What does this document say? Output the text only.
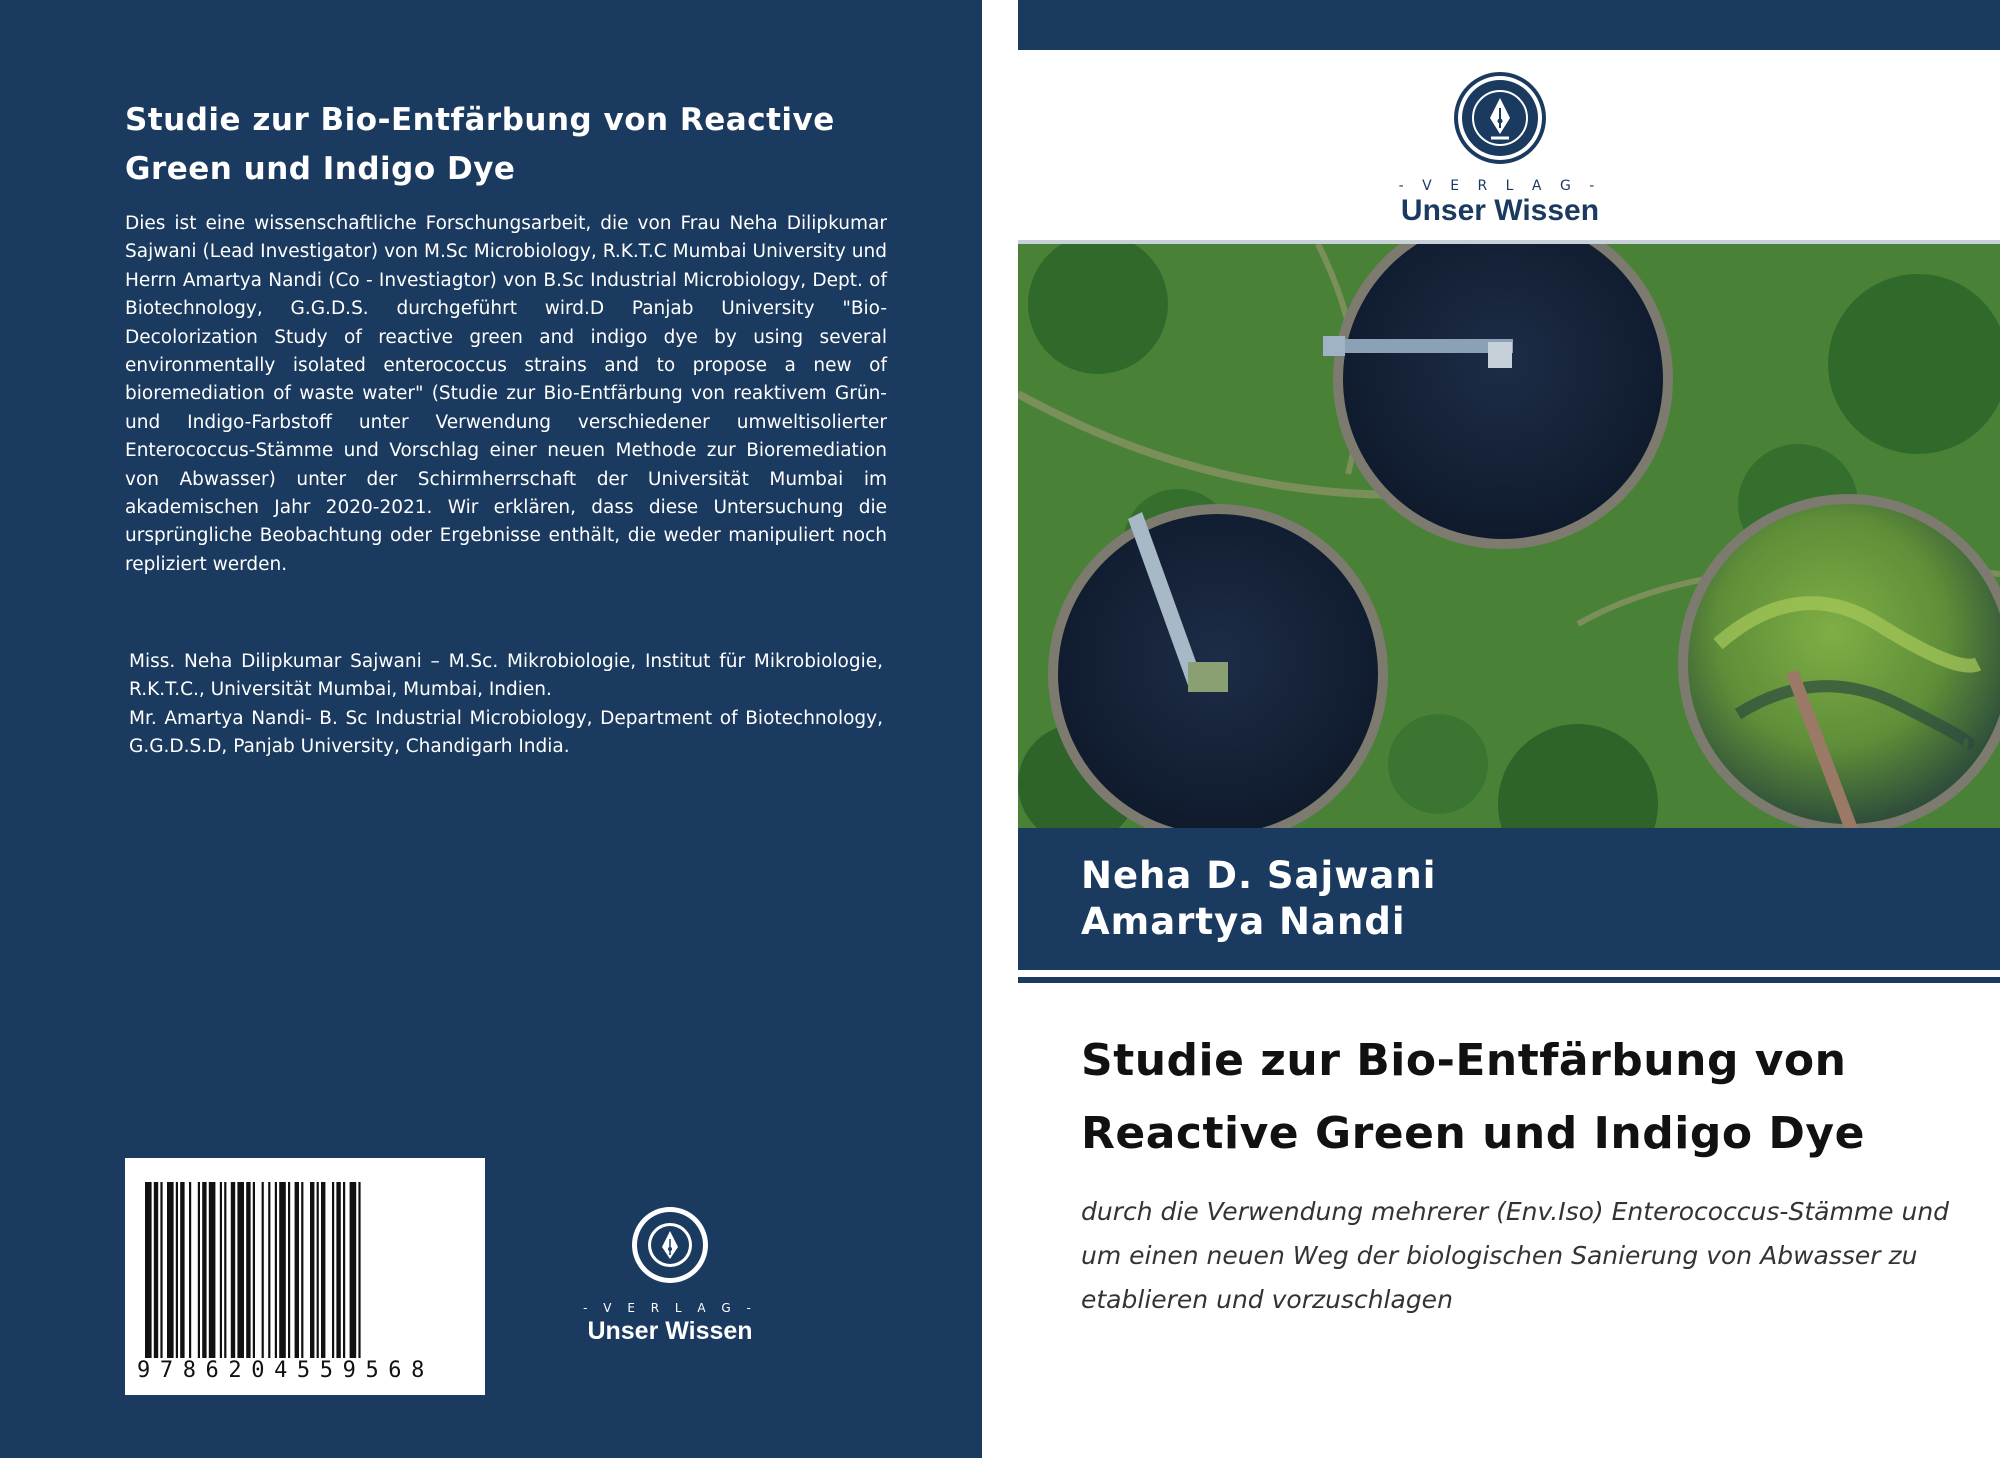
Studie zur Bio-Entfärbung von Reactive Green und Indigo Dye
Dies ist eine wissenschaftliche Forschungsarbeit, die von Frau Neha Dilipkumar Sajwani (Lead Investigator) von M.Sc Microbiology, R.K.T.C Mumbai University und Herrn Amartya Nandi (Co - Investiagtor) von B.Sc Industrial Microbiology, Dept. of Biotechnology, G.G.D.S. durchgeführt wird.D Panjab University "Bio-Decolorization Study of reactive green and indigo dye by using several environmentally isolated enterococcus strains and to propose a new of bioremediation of waste water" (Studie zur Bio-Entfärbung von reaktivem Grün- und Indigo-Farbstoff unter Verwendung verschiedener umweltisolierter Enterococcus-Stämme und Vorschlag einer neuen Methode zur Bioremediation von Abwasser) unter der Schirmherrschaft der Universität Mumbai im akademischen Jahr 2020-2021. Wir erklären, dass diese Untersuchung die ursprüngliche Beobachtung oder Ergebnisse enthält, die weder manipuliert noch repliziert werden.

Miss. Neha Dilipkumar Sajwani – M.Sc. Mikrobiologie, Institut für Mikrobiologie, R.K.T.C., Universität Mumbai, Mumbai, Indien.

Mr. Amartya Nandi- B. Sc Industrial Microbiology, Department of Biotechnology, G.G.D.S.D, Panjab University, Chandigarh India.

9786204559568
- V E R L A G -
Unser Wissen
- V E R L A G -
Unser Wissen
Neha D. Sajwani
Amartya Nandi
Studie zur Bio-Entfärbung von Reactive Green und Indigo Dye
durch die Verwendung mehrerer (Env.Iso) Enterococcus-Stämme und um einen neuen Weg der biologischen Sanierung von Abwasser zu etablieren und vorzuschlagen
